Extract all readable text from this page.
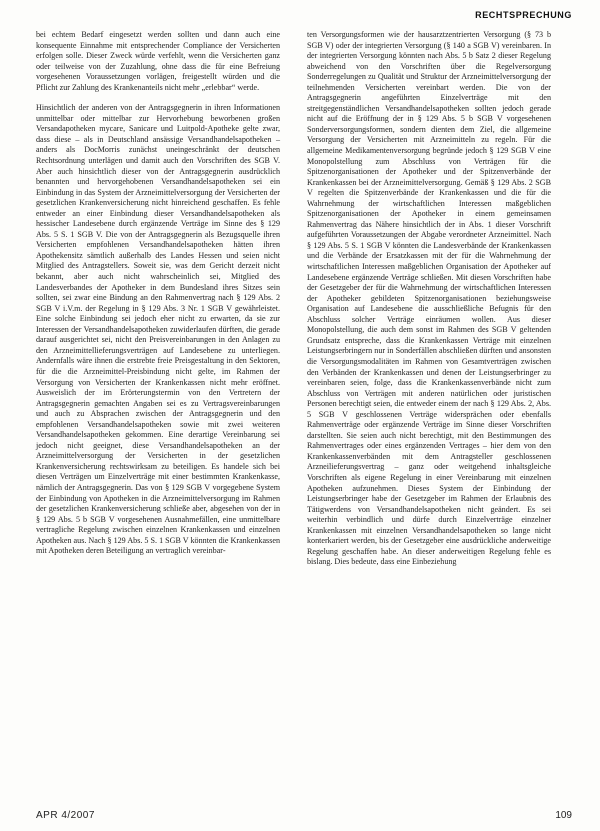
RECHTSPRECHUNG

bei echtem Bedarf eingesetzt werden sollten und dann auch eine konsequente Einnahme mit entsprechender Compliance der Versicherten erfolgen solle. Dieser Zweck würde verfehlt, wenn die Versicherten ganz oder teilweise von der Zuzahlung, ohne dass die für eine Befreiung vorgesehenen Voraussetzungen vorlägen, freigestellt würden und die Pflicht zur Zahlung des Krankenanteils nicht mehr „erlebbar“ werde.

Hinsichtlich der anderen von der Antragsgegnerin in ihren Informationen unmittelbar oder mittelbar zur Hervorhebung beworbenen großen Versandapotheken mycare, Sanicare und Luitpold-Apotheke gelte zwar, dass diese – als in Deutschland ansässige Versandhandelsapotheken – anders als DocMorris zunächst uneingeschränkt der deutschen Rechtsordnung unterlägen und damit auch den Vorschriften des SGB V. Aber auch hinsichtlich dieser von der Antragsgegnerin ausdrücklich benannten und hervorgehobenen Versandhandelsapotheken sei ein Einbindung in das System der Arzneimittelversorgung der Versicherten der gesetzlichen Krankenversicherung nicht hinreichend geschaffen. Es fehle entweder an einer Einbindung dieser Versandhandelsapotheken als hessischer Landesebene durch ergänzende Verträge im Sinne des § 129 Abs. 5 S. 1 SGB V. Die von der Antragsgegnerin als Bezugsquelle ihren Versicherten empfohlenen Versandhandelsapotheken hätten ihren Apothekensitz sämtlich außerhalb des Landes Hessen und seien nicht Mitglied des Antragstellers. Soweit sie, was dem Gericht derzeit nicht bekannt, aber auch nicht wahrscheinlich sei, Mitglied des Landesverbandes der Apotheker in dem Bundesland ihres Sitzes sein sollten, sei zwar eine Bindung an den Rahmenvertrag nach § 129 Abs. 2 SGB V i.V.m. der Regelung in § 129 Abs. 3 Nr. 1 SGB V gewährleistet. Eine solche Einbindung sei jedoch eher nicht zu erwarten, da sie zur Interessen der Versandhandelsapotheken zuwiderlaufen dürften, die gerade darauf ausgerichtet sei, nicht den Preisvereinbarungen in den Anlagen zu den Arzneimittellieferungsverträgen auf Landesebene zu unterliegen. Andernfalls wäre ihnen die erstrebte freie Preisgestaltung in den Sektoren, für die die Arzneimittel-Preisbindung nicht gelte, im Rahmen der Versorgung von Versicherten der Krankenkassen nicht mehr eröffnet. Ausweislich der im Erörterungstermin von den Vertretern der Antragsgegnerin gemachten Angaben sei es zu Vertragsvereinbarungen und auch zu Absprachen zwischen der Antragsgegnerin und den empfohlenen Versandhandelsapotheken sowie mit zwei weiteren Versandhandelsapotheken gekommen. Eine derartige Vereinbarung sei jedoch nicht geeignet, diese Versandhandelsapotheken an der Arzneimittelversorgung der Versicherten in der gesetzlichen Krankenversicherung rechtswirksam zu beteiligen. Es handele sich bei diesen Verträgen um Einzelverträge mit einer bestimmten Krankenkasse, nämlich der Antragsgegnerin. Das von § 129 SGB V vorgegebene System der Einbindung von Apotheken in die Arzneimittelversorgung im Rahmen der gesetzlichen Krankenversicherung schließe aber, abgesehen von der in § 129 Abs. 5 b SGB V vorgesehenen Ausnahmefällen, eine unmittelbare vertragliche Regelung zwischen einzelnen Krankenkassen und einzelnen Apotheken aus. Nach § 129 Abs. 5 S. 1 SGB V könnten die Krankenkassen mit Apotheken deren Beteiligung an vertraglich vereinbar-

ten Versorgungsformen wie der hausarztzentrierten Versorgung (§ 73 b SGB V) oder der integrierten Versorgung (§ 140 a SGB V) vereinbaren. In der integrierten Versorgung könnten nach Abs. 5 b Satz 2 dieser Regelung abweichend von den Vorschriften über die Regelversorgung Sonderregelungen zu Qualität und Struktur der Arzneimittelversorgung der teilnehmenden Versicherten vereinbart werden. Die von der Antragsgegnerin angeführten Einzelverträge mit den streitgegenständlichen Versandhandelsapotheken sollten jedoch gerade nicht auf die Eröffnung der in § 129 Abs. 5 b SGB V vorgesehenen Sonderversorgungsformen, sondern dienten dem Ziel, die allgemeine Versorgung der Versicherten mit Arzneimitteln zu regeln. Für die allgemeine Medikamentenversorgung begründe jedoch § 129 SGB V eine Monopolstellung zum Abschluss von Verträgen für die Spitzenorganisationen der Apotheker und der Spitzenverbände der Krankenkassen bei der Arzneimittelversorgung. Gemäß § 129 Abs. 2 SGB V regelten die Spitzenverbände der Krankenkassen und die für die Wahrnehmung der wirtschaftlichen Interessen maßgeblichen Spitzenorganisationen der Apotheker in einem gemeinsamen Rahmenvertrag das Nähere hinsichtlich der in Abs. 1 dieser Vorschrift aufgeführten Voraussetzungen der Abgabe verordneter Arzneimittel. Nach § 129 Abs. 5 S. 1 SGB V könnten die Landesverbände der Krankenkassen und die Verbände der Ersatzkassen mit der für die Wahrnehmung der wirtschaftlichen Interessen maßgeblichen Organisation der Apotheker auf Landesebene ergänzende Verträge schließen. Mit diesen Vorschriften habe der Gesetzgeber der für die Wahrnehmung der wirtschaftlichen Interessen der Apotheker gebildeten Spitzenorganisationen beziehungsweise Organisation auf Landesebene die ausschließliche Befugnis für den Abschluss solcher Verträge einräumen wollen. Aus dieser Monopolstellung, die auch dem sonst im Rahmen des SGB V geltenden Grundsatz entspreche, dass die Krankenkassen Verträge mit einzelnen Leistungserbringern nur in Sonderfällen abschließen dürften und ansonsten die Versorgungsmodalitäten im Rahmen von Gesamtverträgen zwischen den Verbänden der Krankenkassen und denen der Leistungserbringer zu vereinbaren seien, folge, dass die Krankenkassenverbände nicht zum Abschluss von Verträgen mit anderen natürlichen oder juristischen Personen berechtigt seien, die entweder einem der nach § 129 Abs. 2, Abs. 5 SGB V geschlossenen Verträge widersprächen oder ebenfalls Rahmenverträge oder ergänzende Verträge im Sinne dieser Vorschriften darstellten. Sie seien auch nicht berechtigt, mit den Bestimmungen des Rahmenvertrages oder eines ergänzenden Vertrages – hier dem von den Krankenkassenverbänden mit dem Antragsteller geschlossenen Arzneilieferungsvertrag – ganz oder weitgehend inhaltsgleiche Vorschriften als eigene Regelung in einer Vereinbarung mit einzelnen Apotheken aufzunehmen. Dieses System der Einbindung der Leistungserbringer habe der Gesetzgeber im Rahmen der Erlaubnis des Tätigwerdens von Versandhandelsapotheken nicht geändert. Es sei weiterhin verbindlich und dürfe durch Einzelverträge einzelner Krankenkassen mit einzelnen Versandhandelsapotheken so lange nicht konterkariert werden, bis der Gesetzgeber eine ausdrückliche anderweitige Regelung geschaffen habe. An dieser anderweitigen Regelung fehle es bislang. Dies bedeute, dass eine Einbeziehung

APR 4/2007	109
